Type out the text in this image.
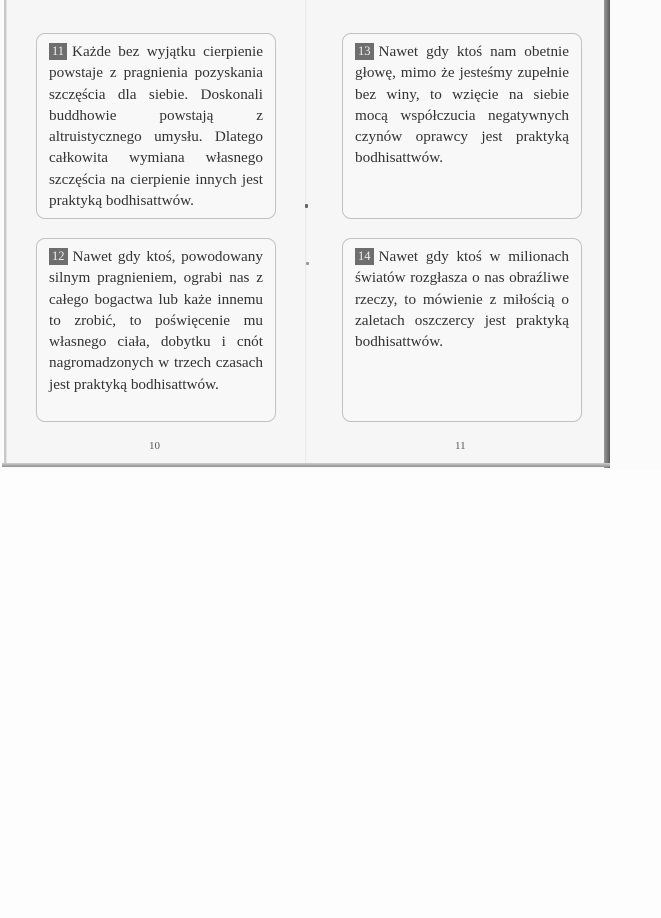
11 Każde bez wyjątku cierpienie powstaje z pragnienia pozyskania szczęścia dla siebie. Doskonali buddhowie powstają z altruistycznego umysłu. Dlatego całkowita wymiana własnego szczęścia na cierpienie innych jest praktyką bodhisattwów.

12 Nawet gdy ktoś, powodowany silnym pragnieniem, ograbi nas z całego bogactwa lub każe innemu to zrobić, to poświęcenie mu własnego ciała, dobytku i cnót nagromadzonych w trzech czasach jest praktyką bodhisattwów.

13 Nawet gdy ktoś nam obetnie głowę, mimo że jesteśmy zupełnie bez winy, to wzięcie na siebie mocą współczucia negatywnych czynów oprawcy jest praktyką bodhisattwów.

14 Nawet gdy ktoś w milionach światów rozgłasza o nas obraźliwe rzeczy, to mówienie z miłością o zaletach oszczercy jest praktyką bodhisattwów.

10	11
